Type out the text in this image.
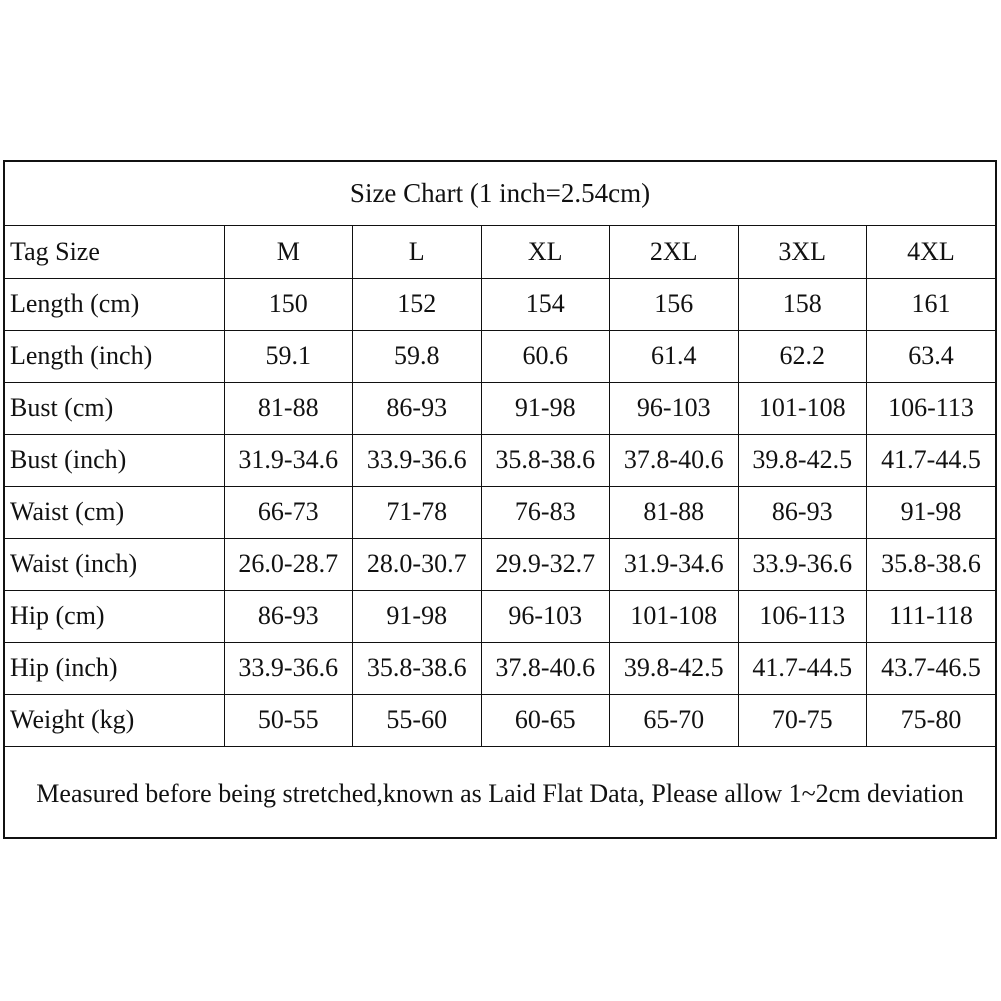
Size Chart (1 inch=2.54cm)
Tag Size	M	L	XL	2XL	3XL	4XL
Length (cm)	150	152	154	156	158	161
Length (inch)	59.1	59.8	60.6	61.4	62.2	63.4
Bust (cm)	81-88	86-93	91-98	96-103	101-108	106-113
Bust (inch)	31.9-34.6	33.9-36.6	35.8-38.6	37.8-40.6	39.8-42.5	41.7-44.5
Waist (cm)	66-73	71-78	76-83	81-88	86-93	91-98
Waist (inch)	26.0-28.7	28.0-30.7	29.9-32.7	31.9-34.6	33.9-36.6	35.8-38.6
Hip (cm)	86-93	91-98	96-103	101-108	106-113	111-118
Hip (inch)	33.9-36.6	35.8-38.6	37.8-40.6	39.8-42.5	41.7-44.5	43.7-46.5
Weight (kg)	50-55	55-60	60-65	65-70	70-75	75-80
Measured before being stretched,known as Laid Flat Data, Please allow 1~2cm deviation
